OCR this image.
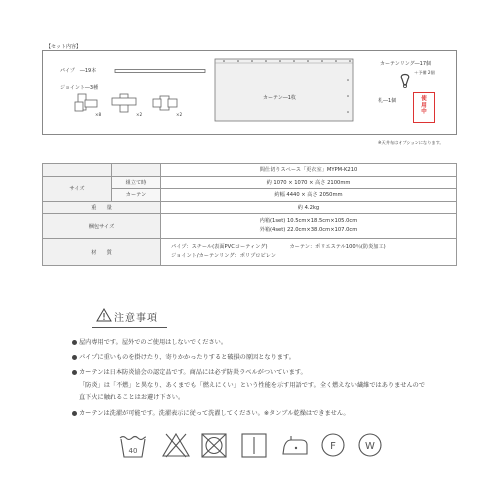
【セット内容】
パイプ　―19本
ジョイント―3種
×8	×2	×2
カーテン―1枚
カーテンリング―17個
＋予備 2個
札―1個	使用中
※天井布はオプションになります。
		間仕切りスペース「更衣室」MYPM-K210
サイズ	組立て時	約 1070 × 1070 × 高さ 2100mm
	カーテン	約幅 4440 × 高さ 2050mm
重　　量		約 4.2kg
梱包サイズ		内箱(1set) 10.5cm×18.5cm×105.0cm
外箱(4set) 22.0cm×38.0cm×107.0cm

材　　質		パイプ：スチール(表面PVCコーティング) カーテン：ポリエステル100％(防炎加工)
ジョイント/カーテンリング：ポリプロピレン
注意事項
屋内専用です。屋外でのご使用はしないでください。
パイプに重いものを掛けたり、寄りかかったりすると破損の原因となります。
カーテンは日本防炎協会の認定品です。商品には必ず防炎ラベルがついています。
「防炎」は「不燃」と異なり、あくまでも「燃えにくい」という性能を示す用語です。全く燃えない繊維ではありませんので
直下火に触れることはお避け下さい。
カーテンは洗濯が可能です。洗濯表示に従って洗濯してください。※タンブル乾燥はできません。
40	F	W
